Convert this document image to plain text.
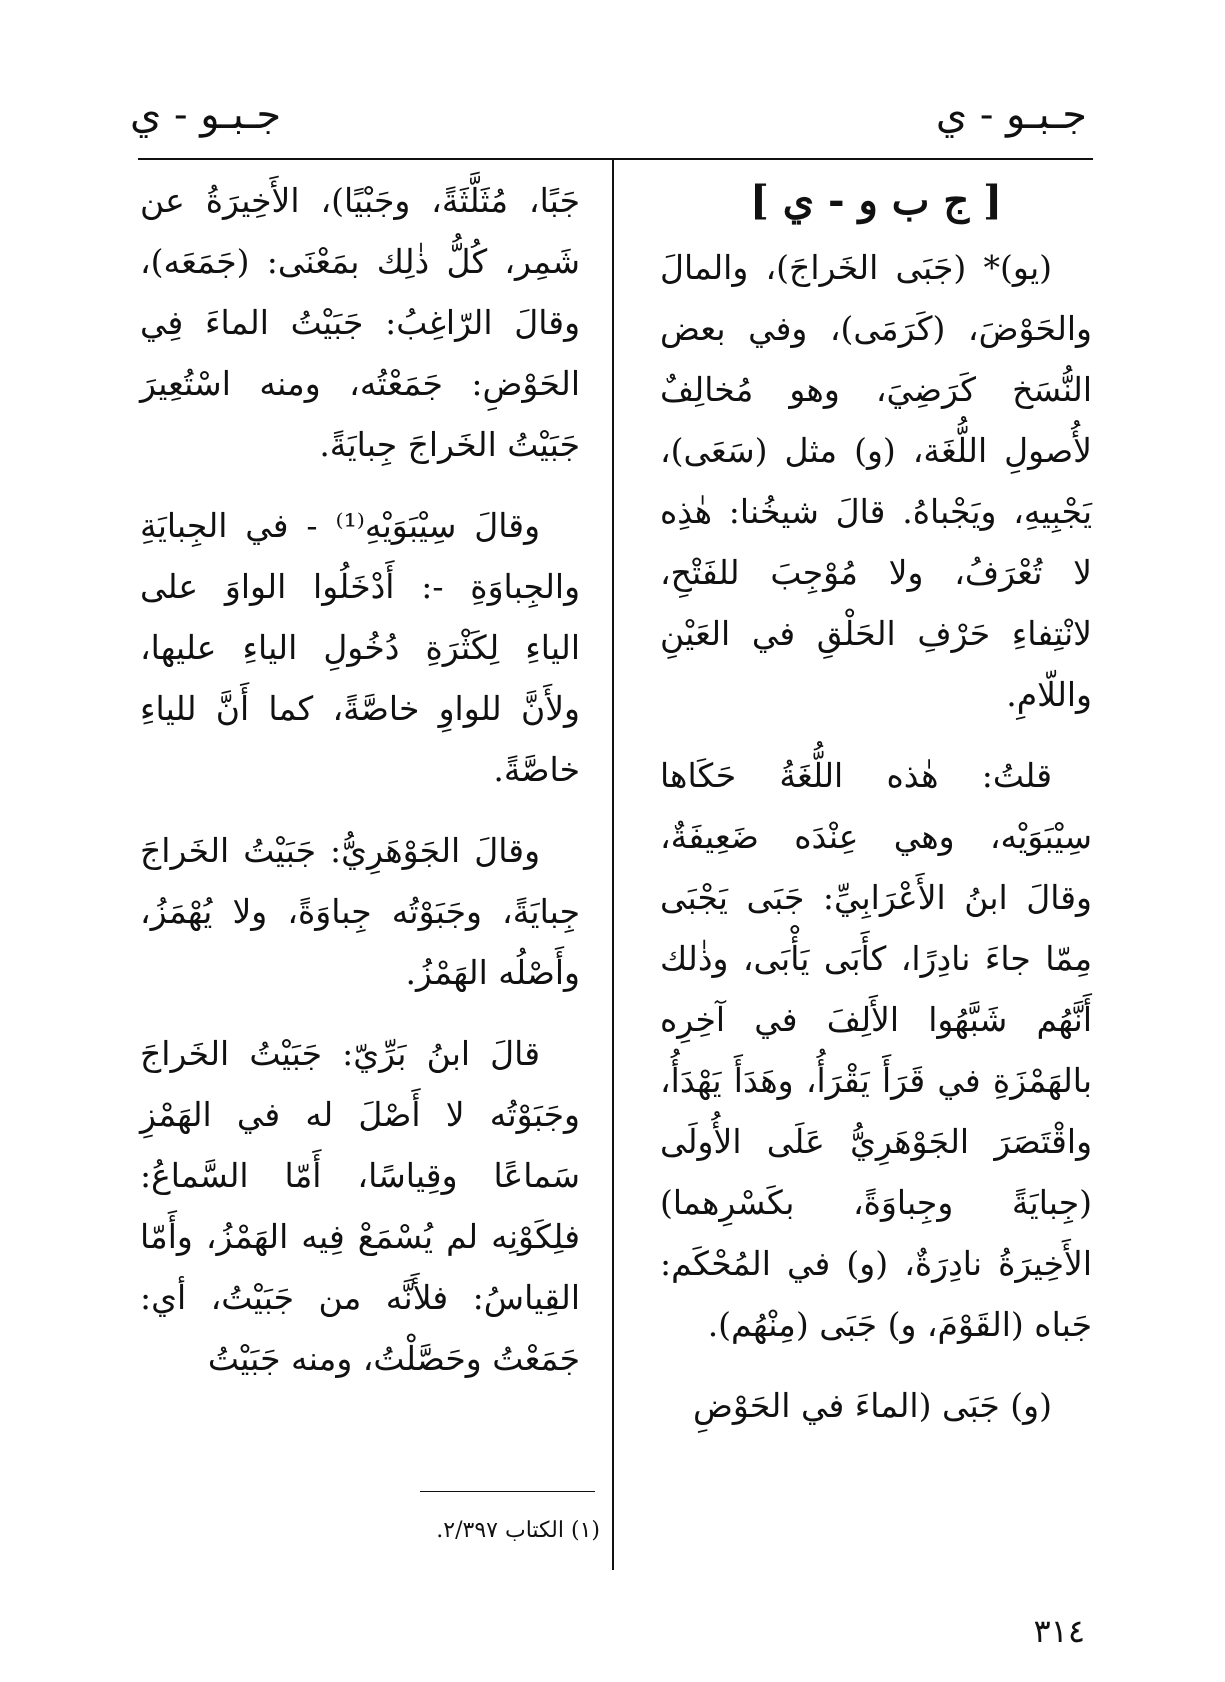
جـبـو - ي
جـبـو - ي
[ ج ب و - ي ]

(يو)* (جَبَى الخَراجَ)، والمالَ والحَوْضَ، (كَرَمَى)، وفي بعض النُّسَخ كَرَضِيَ، وهو مُخالِفٌ لأُصولِ اللُّغَة، (و) مثل (سَعَى)، يَجْبِيهِ، ويَجْباهُ. قالَ شيخُنا: هٰذِه لا تُعْرَفُ، ولا مُوْجِبَ للفَتْحِ، لانْتِفاءِ حَرْفِ الحَلْقِ في العَيْنِ واللّامِ.

قلتُ: هٰذه اللُّغَةُ حَكَاها سِيْبَوَيْه، وهي عِنْدَه ضَعِيفَةٌ، وقالَ ابنُ الأَعْرَابِيِّ: جَبَى يَجْبَى مِمّا جاءَ نادِرًا، كأَبَى يَأْبَى، وذٰلك أَنَّهُم شَبَّهُوا الأَلِفَ في آخِرِه بالهَمْزَةِ في قَرَأَ يَقْرَأُ، وهَدَأَ يَهْدَأُ، واقْتَصَرَ الجَوْهَرِيُّ عَلَى الأُولَى (جِبايَةً وجِباوَةً، بكَسْرِهما) الأَخِيرَةُ نادِرَةٌ، (و) في المُحْكَم: جَباه (القَوْمَ، و) جَبَى (مِنْهُم).

(و) جَبَى (الماءَ في الحَوْضِ

جَبًا، مُثَلَّثَةً، وجَبْيًا)، الأَخِيرَةُ عن شَمِر، كُلُّ ذٰلِك بمَعْنَى: (جَمَعَه)، وقالَ الرّاغِبُ: جَبَيْتُ الماءَ فِي الحَوْضِ: جَمَعْتُه، ومنه اسْتُعِيرَ جَبَيْتُ الخَراجَ جِبايَةً.

وقالَ سِيْبَوَيْهِ⁽¹⁾ - في الجِبايَةِ والجِباوَةِ -: أَدْخَلُوا الواوَ على الياءِ لِكَثْرَةِ دُخُولِ الياءِ عليها، ولأَنَّ للواوِ خاصَّةً، كما أَنَّ للياءِ خاصَّةً.

وقالَ الجَوْهَرِيُّ: جَبَيْتُ الخَراجَ جِبايَةً، وجَبَوْتُه جِباوَةً، ولا يُهْمَزُ، وأَصْلُه الهَمْزُ.

قالَ ابنُ بَرِّيّ: جَبَيْتُ الخَراجَ وجَبَوْتُه لا أَصْلَ له في الهَمْزِ سَماعًا وقِياسًا، أَمّا السَّماعُ: فلِكَوْنِه لم يُسْمَعْ فِيه الهَمْزُ، وأَمّا القِياسُ: فلأَنَّه من جَبَيْتُ، أي: جَمَعْتُ وحَصَّلْتُ، ومنه جَبَيْتُ

(١) الكتاب ٢/٣٩٧.
٣١٤
